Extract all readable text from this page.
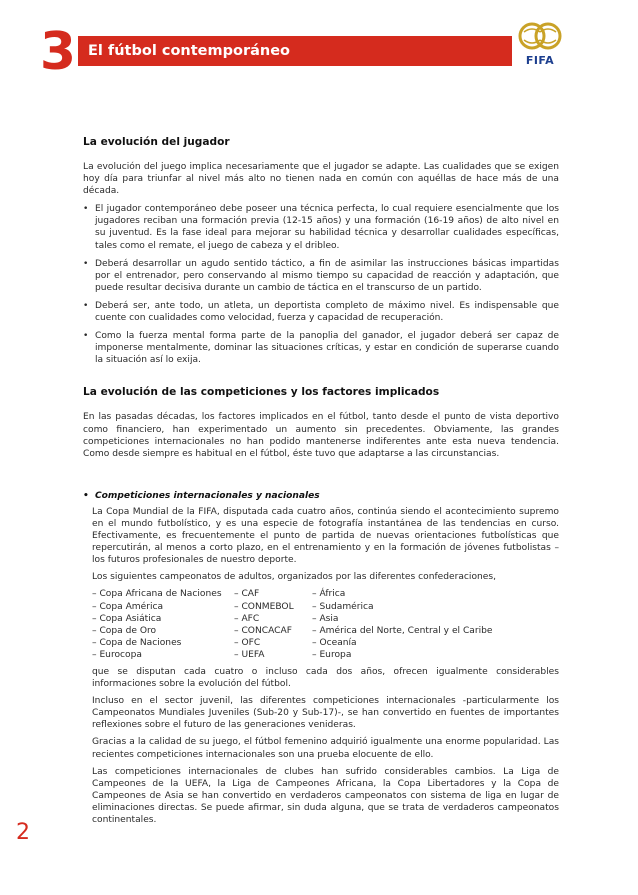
3 El fútbol contemporáneo
FIFA
La evolución del jugador

La evolución del juego implica necesariamente que el jugador se adapte. Las cualidades que se exigen hoy día para triunfar al nivel más alto no tienen nada en común con aquéllas de hace más de una década.

• El jugador contemporáneo debe poseer una técnica perfecta, lo cual requiere esencialmente que los jugadores reciban una formación previa (12-15 años) y una formación (16-19 años) de alto nivel en su juventud. Es la fase ideal para mejorar su habilidad técnica y desarrollar cualidades específicas, tales como el remate, el juego de cabeza y el dribleo.
• Deberá desarrollar un agudo sentido táctico, a fin de asimilar las instrucciones básicas impartidas por el entrenador, pero conservando al mismo tiempo su capacidad de reacción y adaptación, que puede resultar decisiva durante un cambio de táctica en el transcurso de un partido.
• Deberá ser, ante todo, un atleta, un deportista completo de máximo nivel. Es indispensable que cuente con cualidades como velocidad, fuerza y capacidad de recuperación.
• Como la fuerza mental forma parte de la panoplia del ganador, el jugador deberá ser capaz de imponerse mentalmente, dominar las situaciones críticas, y estar en condición de superarse cuando la situación así lo exija.
La evolución de las competiciones y los factores implicados

En las pasadas décadas, los factores implicados en el fútbol, tanto desde el punto de vista deportivo como financiero, han experimentado un aumento sin precedentes. Obviamente, las grandes competiciones internacionales no han podido mantenerse indiferentes ante esta nueva tendencia. Como desde siempre es habitual en el fútbol, éste tuvo que adaptarse a las circunstancias.

• Competiciones internacionales y nacionales

La Copa Mundial de la FIFA, disputada cada cuatro años, continúa siendo el acontecimiento supremo en el mundo futbolístico, y es una especie de fotografía instantánea de las tendencias en curso. Efectivamente, es frecuentemente el punto de partida de nuevas orientaciones futbolísticas que repercutirán, al menos a corto plazo, en el entrenamiento y en la formación de jóvenes futbolistas – los futuros profesionales de nuestro deporte.

Los siguientes campeonatos de adultos, organizados por las diferentes confederaciones,

– Copa Africana de Naciones	– CAF	– África
– Copa América	– CONMEBOL	– Sudamérica
– Copa Asiática	– AFC	– Asia
– Copa de Oro	– CONCACAF	– América del Norte, Central y el Caribe
– Copa de Naciones	– OFC	– Oceanía
– Eurocopa	– UEFA	– Europa

que se disputan cada cuatro o incluso cada dos años, ofrecen igualmente considerables informaciones sobre la evolución del fútbol.

Incluso en el sector juvenil, las diferentes competiciones internacionales -particularmente los Campeonatos Mundiales Juveniles (Sub-20 y Sub-17)-, se han convertido en fuentes de importantes reflexiones sobre el futuro de las generaciones venideras.

Gracias a la calidad de su juego, el fútbol femenino adquirió igualmente una enorme popularidad. Las recientes competiciones internacionales son una prueba elocuente de ello.

Las competiciones internacionales de clubes han sufrido considerables cambios. La Liga de Campeones de la UEFA, la Liga de Campeones Africana, la Copa Libertadores y la Copa de Campeones de Asia se han convertido en verdaderos campeonatos con sistema de liga en lugar de eliminaciones directas. Se puede afirmar, sin duda alguna, que se trata de verdaderos campeonatos continentales.

2
